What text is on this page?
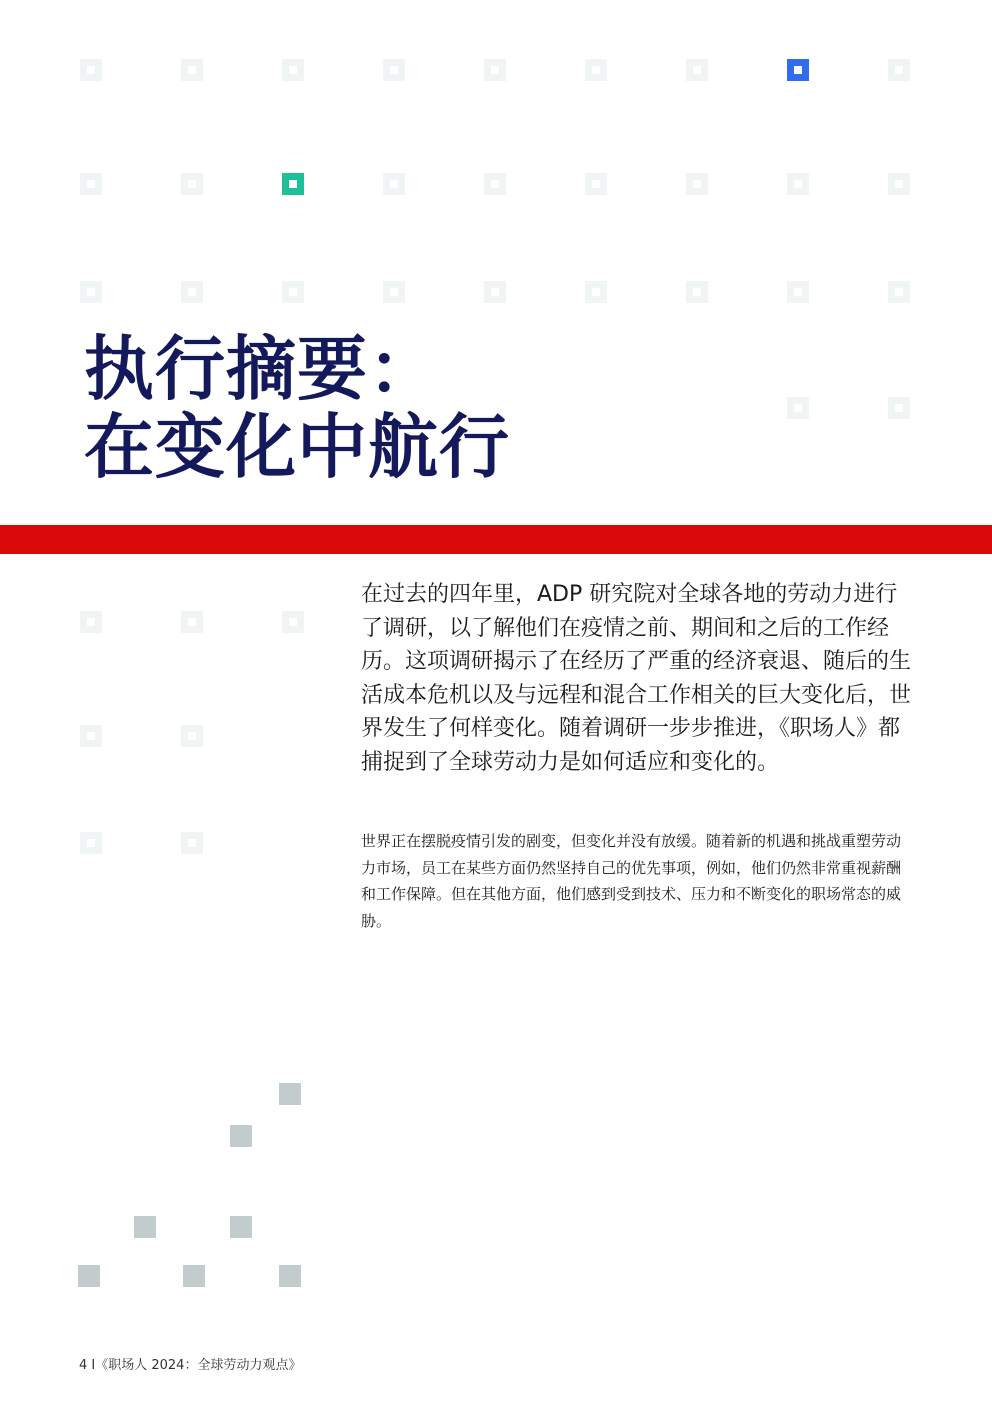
执行摘要：
在变化中航行

在过去的四年里，ADP 研究院对全球各地的劳动力进行了调研，以了解他们在疫情之前、期间和之后的工作经历。这项调研揭示了在经历了严重的经济衰退、随后的生活成本危机以及与远程和混合工作相关的巨大变化后，世界发生了何样变化。随着调研一步步推进，《职场人》都捕捉到了全球劳动力是如何适应和变化的。

世界正在摆脱疫情引发的剧变，但变化并没有放缓。随着新的机遇和挑战重塑劳动力市场，员工在某些方面仍然坚持自己的优先事项，例如，他们仍然非常重视薪酬和工作保障。但在其他方面，他们感到受到技术、压力和不断变化的职场常态的威胁。

4 I《职场人 2024：全球劳动力观点》
